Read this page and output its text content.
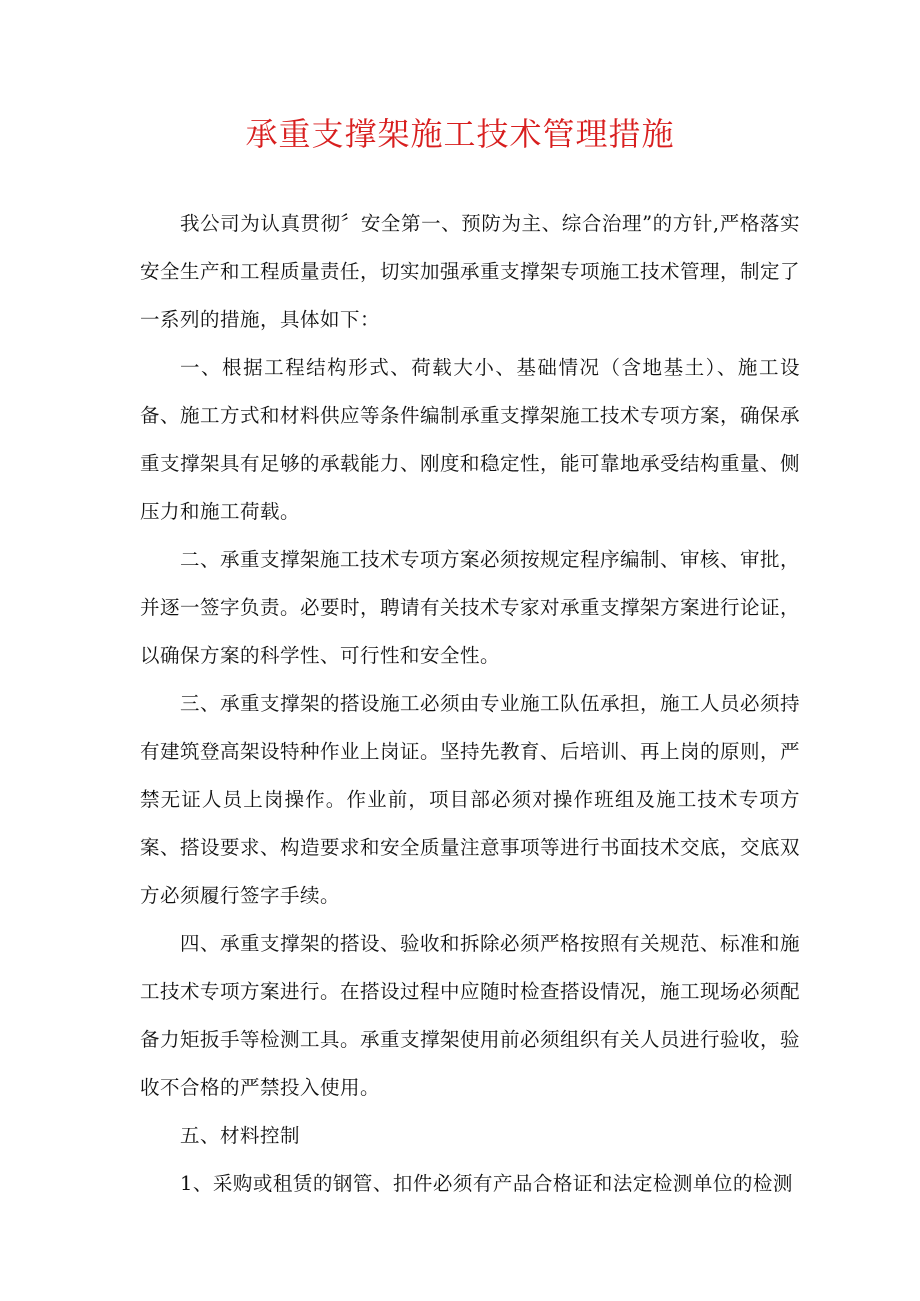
承重支撑架施工技术管理措施

我公司为认真贯彻〞安全第一、预防为主、综合治理”的方针,严格落实安全生产和工程质量责任，切实加强承重支撑架专项施工技术管理，制定了一系列的措施，具体如下：

一、根据工程结构形式、荷载大小、基础情况（含地基土）、施工设备、施工方式和材料供应等条件编制承重支撑架施工技术专项方案，确保承重支撑架具有足够的承载能力、刚度和稳定性，能可靠地承受结构重量、侧压力和施工荷载。

二、承重支撑架施工技术专项方案必须按规定程序编制、审核、审批，并逐一签字负责。必要时，聘请有关技术专家对承重支撑架方案进行论证，以确保方案的科学性、可行性和安全性。

三、承重支撑架的搭设施工必须由专业施工队伍承担，施工人员必须持有建筑登高架设特种作业上岗证。坚持先教育、后培训、再上岗的原则，严禁无证人员上岗操作。作业前，项目部必须对操作班组及施工技术专项方案、搭设要求、构造要求和安全质量注意事项等进行书面技术交底，交底双方必须履行签字手续。

四、承重支撑架的搭设、验收和拆除必须严格按照有关规范、标准和施工技术专项方案进行。在搭设过程中应随时检查搭设情况，施工现场必须配备力矩扳手等检测工具。承重支撑架使用前必须组织有关人员进行验收，验收不合格的严禁投入使用。

五、材料控制

1、采购或租赁的钢管、扣件必须有产品合格证和法定检测单位的检测
